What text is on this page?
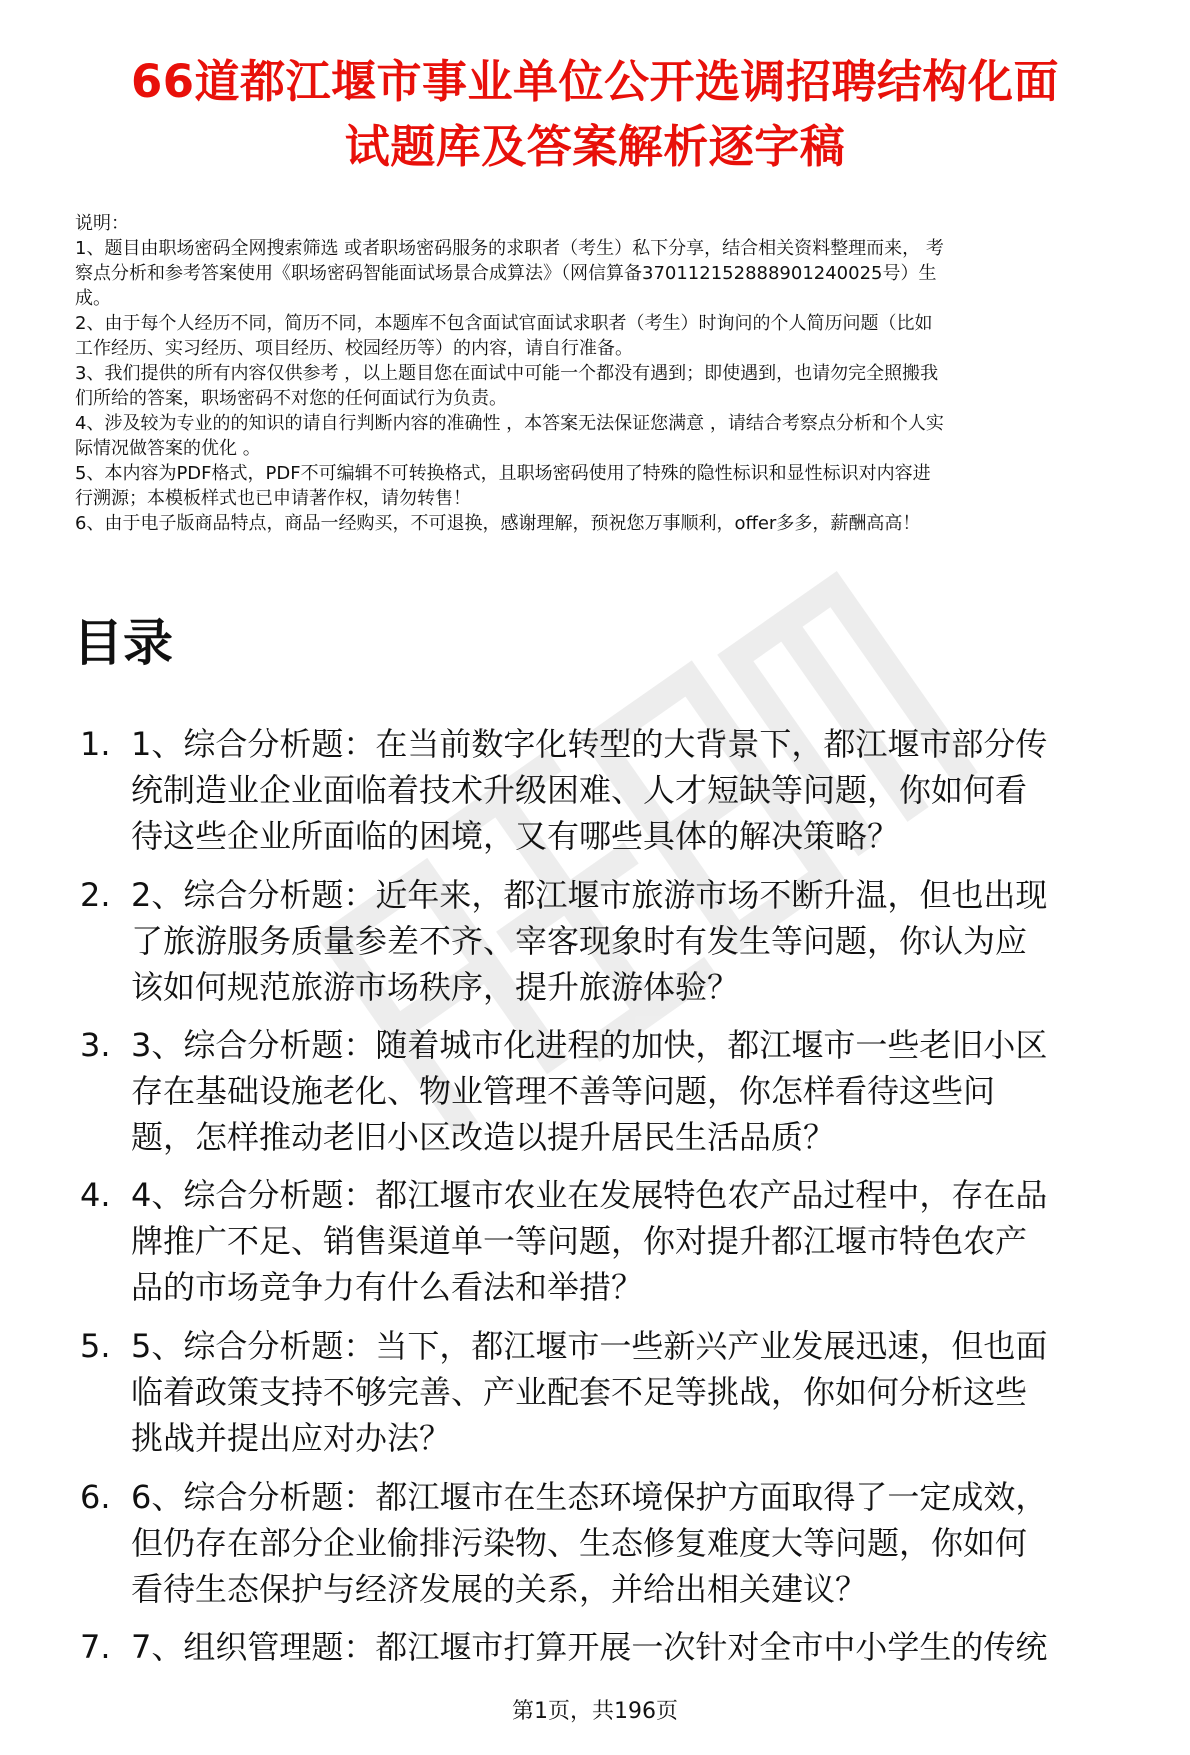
66道都江堰市事业单位公开选调招聘结构化面
试题库及答案解析逐字稿

说明：

1、题目由职场密码全网搜索筛选 或者职场密码服务的求职者（考生）私下分享，结合相关资料整理而来， 考

察点分析和参考答案使用《职场密码智能面试场景合成算法》（网信算备370112152888901240025号）生

成。

2、由于每个人经历不同，简历不同，本题库不包含面试官面试求职者（考生）时询问的个人简历问题（比如

工作经历、实习经历、项目经历、校园经历等）的内容，请自行准备。

3、我们提供的所有内容仅供参考 ，以上题目您在面试中可能一个都没有遇到；即使遇到，也请勿完全照搬我

们所给的答案，职场密码不对您的任何面试行为负责。

4、涉及较为专业的的知识的请自行判断内容的准确性 ，本答案无法保证您满意 ，请结合考察点分析和个人实

际情况做答案的优化 。

5、本内容为PDF格式，PDF不可编辑不可转换格式，且职场密码使用了特殊的隐性标识和显性标识对内容进

行溯源；本模板样式也已申请著作权，请勿转售！

6、由于电子版商品特点，商品一经购买，不可退换，感谢理解，预祝您万事顺利，offer多多，薪酬高高！

目录
1. 1、综合分析题：在当前数字化转型的大背景下，都江堰市部分传
统制造业企业面临着技术升级困难、人才短缺等问题，你如何看
待这些企业所面临的困境，又有哪些具体的解决策略？
2. 2、综合分析题：近年来，都江堰市旅游市场不断升温，但也出现
了旅游服务质量参差不齐、宰客现象时有发生等问题，你认为应
该如何规范旅游市场秩序，提升旅游体验？
3. 3、综合分析题：随着城市化进程的加快，都江堰市一些老旧小区
存在基础设施老化、物业管理不善等问题，你怎样看待这些问
题，怎样推动老旧小区改造以提升居民生活品质？
4. 4、综合分析题：都江堰市农业在发展特色农产品过程中，存在品
牌推广不足、销售渠道单一等问题，你对提升都江堰市特色农产
品的市场竞争力有什么看法和举措？
5. 5、综合分析题：当下，都江堰市一些新兴产业发展迅速，但也面
临着政策支持不够完善、产业配套不足等挑战，你如何分析这些
挑战并提出应对办法？
6. 6、综合分析题：都江堰市在生态环境保护方面取得了一定成效，
但仍存在部分企业偷排污染物、生态修复难度大等问题，你如何
看待生态保护与经济发展的关系，并给出相关建议？
7. 7、组织管理题：都江堰市打算开展一次针对全市中小学生的传统
第1页，共196页
